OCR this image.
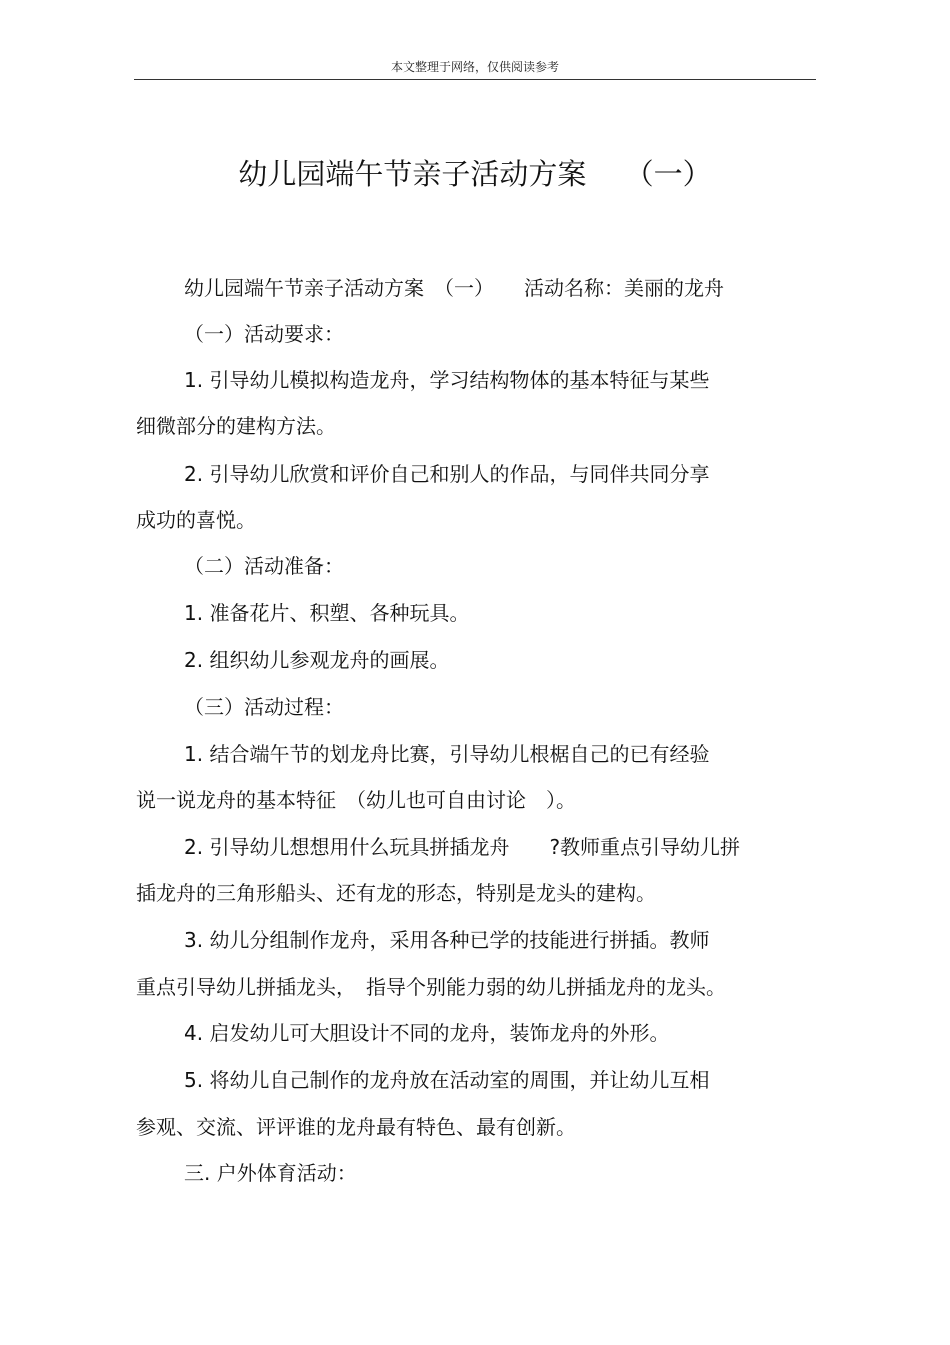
本文整理于网络，仅供阅读参考
幼儿园端午节亲子活动方案　 （一）
幼儿园端午节亲子活动方案　（一）　　活动名称：美丽的龙舟
（一）活动要求：
1. 引导幼儿模拟构造龙舟，学习结构物体的基本特征与某些
细微部分的建构方法。
2. 引导幼儿欣赏和评价自己和别人的作品，与同伴共同分享
成功的喜悦。
（二）活动准备：
1. 准备花片、积塑、各种玩具。
2. 组织幼儿参观龙舟的画展。
（三）活动过程：
1. 结合端午节的划龙舟比赛，引导幼儿根椐自己的已有经验
说一说龙舟的基本特征　（幼儿也可自由讨论　）。
2. 引导幼儿想想用什么玩具拼插龙舟　　?教师重点引导幼儿拼
插龙舟的三角形船头、还有龙的形态，特别是龙头的建构。
3. 幼儿分组制作龙舟，采用各种已学的技能进行拼插。教师
重点引导幼儿拼插龙头，　指导个别能力弱的幼儿拼插龙舟的龙头。
4. 启发幼儿可大胆设计不同的龙舟，装饰龙舟的外形。
5. 将幼儿自己制作的龙舟放在活动室的周围，并让幼儿互相
参观、交流、评评谁的龙舟最有特色、最有创新。
三. 户外体育活动：
